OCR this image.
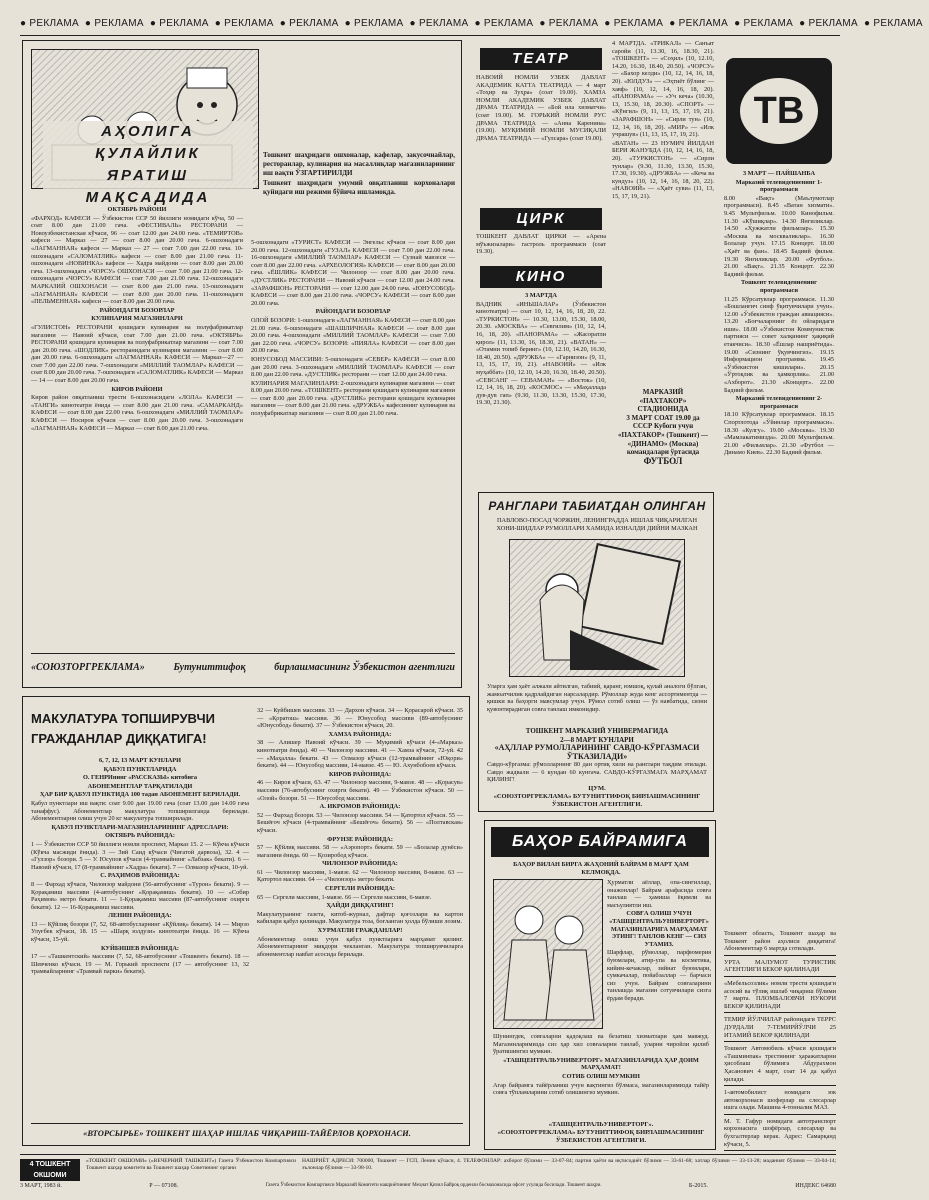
● РЕКЛАМА ● РЕКЛАМА ● РЕКЛАМА ● РЕКЛАМА ● РЕКЛАМА ● РЕКЛАМА ● РЕКЛАМА ● РЕКЛАМА ● РЕКЛАМА ● РЕКЛАМА ● РЕКЛАМА ● РЕКЛАМА ● РЕКЛАМА ● РЕКЛАМА
АҲОЛИГА
ҚУЛАЙЛИК
ЯРАТИШ
МАҚСАДИДА

Тошкент шаҳридаги ошхоналар, кафелар, закусочнайлар, ресторанлар, кулинария на масаллиқлар магазинларининг иш вақти ЎЗГАРТИРИЛДИ

Тошкент шаҳридаги умумий овқатланиш корхоналари қуйидаги иш режими бўйича ишламоқда.

ОКТЯБРЬ РАЙОНИ

«ФАРХОД» КАФЕСИ — Ўзбекистон ССР 50 йиллиги номидаги кўча, 50 — соат 8.00 дан 21.00 гача. «ФЕСТИВАЛЬ» РЕСТОРАНИ — Новоузбекистанская кўчаси, 96 — соат 12.00 дан 24.00 гача. «ТЕМИРТОВ» кафеси — Марказ — 27 — соат 8.00 дан 20.00 гача. 6-ошхонадаги «ЛАГМАННАЯ» кафеси — Марказ — 27 — соат 7.00 дан 22.00 гача. 10-ошхонадаги «САЛОМАТЛИК» кафеси — соат 8.00 дан 21.00 гача. 11-ошхонадаги «НОВИНКА» кафеси — Хадра майдони — соат 8.00 дан 20.00 гача. 13-ошхонадаги «ЧОРСУ» ОШХОНАСИ — соат 7.00 дан 21.00 гача. 12-ошхонадаги «ЧОРСУ» КАФЕСИ — соат 7.00 дан 21.00 гача. 12-ошхонадаги МАРКАЗИЙ ОШХОНАСИ — соат 8.00 дан 21.00 гача. 13-ошхонадаги «ЛАГМАННАЯ» КАФЕСИ — соат 8.00 дан 20.00 гача. 11-ошхонадаги «ПЕЛЬМЕННАЯ» кафеси — соат 8.00 дан 20.00 гача.

РАЙОНДАГИ БОЗОРЛАР

КУЛИНАРИЯ МАГАЗИНЛАРИ

«ГУЛИСТОН» РЕСТОРАНИ қошидаги кулинария на полуфабрикатлар магазини — Навоий кўчаси, соат 7.00 дан 21.00 гача. «ОКТЯБРЬ» РЕСТОРАНИ қошидаги кулинария ва полуфабрикатлар магазини — соат 7.00 дан 20.00 гача. «ШОДЛИК» ресторанидаги кулинария магазини — соат 8.00 дан 20.00 гача. 6-ошхонадаги «ЛАГМАННАЯ» КАФЕСИ — Марказ—27 — соат 7.00 дан 22.00 гача. 7-ошхонадаги «МИЛЛИЙ ТАОМЛАР» КАФЕСИ — соат 8.00 дан 20.00 гача. 7-ошхонадаги «САЛОМАТЛИК» КАФЕСИ — Марказ — 14 — соат 8.00 дан 20.00 гача.

КИРОВ РАЙОНИ

Киров район овқатланиш трести 6-ошхонасидаги «ЛОЛА» КАФЕСИ — «ТАНГИ» кинотеатри ёнида — соат 8.00 дан 21.00 гача. «САМАРКАНД» КАФЕСИ — соат 8.00 дан 22.00 гача. 6-ошхонадаги «МИЛЛИЙ ТАОМЛАР» КАФЕСИ — Носиров кўчаси — соат 8.00 дан 20.00 гача. 3-ошхонадаги «ЛАГМАННАЯ» КАФЕСИ — Марказ — соат 8.00 дан 21.00 гача.

5-ошхонадаги «ТУРИСТ» КАФЕСИ — Энгельс кўчаси — соат 8.00 дан 20.00 гача. 12-ошхонадаги «ГУЗАЛ» КАФЕСИ — соат 7.00 дан 22.00 гача. 16-ошхонадаги «МИЛЛИЙ ТАОМЛАР» КАФЕСИ — Сузнай мавзеси — соат 8.00 дан 22.00 гача. «АРХЕОЛОГИЯ» КАФЕСИ — соат 8.00 дан 20.00 гача. «ЁШЛИК» КАФЕСИ — Чилонзор — соат 8.00 дан 20.00 гача. «ДУСТЛИК» РЕСТОРАНИ — Навоий кўчаси — соат 12.00 дан 24.00 гача. «ЗАРАФШОН» РЕСТОРАНИ — соат 12.00 дан 24.00 гача. «ЮНУСОБОД» КАФЕСИ — соат 8.00 дан 21.00 гача. «ЧОРСУ» КАФЕСИ — соат 8.00 дан 20.00 гача.

РАЙОНДАГИ БОЗОРЛАР

ОЛОЙ БОЗОРИ: 1-ошхонадаги «ЛАГМАННАЯ» КАФЕСИ — соат 8.00 дан 21.00 гача. 6-ошхонадаги «ШАШЛИЧНАЯ» КАФЕСИ — соат 8.00 дан 20.00 гача. 4-ошхонадаги «МИЛЛИЙ ТАОМЛАР» КАФЕСИ — соат 7.00 дан 22.00 гача. «ЧОРСУ» БОЗОРИ: «ПИЯЛА» КАФЕСИ — соат 8.00 дан 20.00 гача.

ЮНУСОБОД МАССИВИ: 5-ошхонадаги «СЕВЕР» КАФЕСИ — соат 8.00 дан 20.00 гача. 3-ошхонадаги «МИЛЛИЙ ТАОМЛАР» КАФЕСИ — соат 8.00 дан 22.00 гача. «ДУСТЛИК» ресторани — соат 12.00 дан 24.00 гача.

КУЛИНАРИЯ МАГАЗИНЛАРИ: 2-ошхонадаги кулинария магазини — соат 8.00 дан 20.00 гача. «ТОШКЕНТ» ресторани қошидаги кулинария магазини — соат 8.00 дан 20.00 гача. «ДУСТЛИК» ресторани қошидаги кулинария магазини — соат 8.00 дан 21.00 гача. «ДРУЖБА» кафесининг кулинария ва полуфабрикатлар магазини — соат 8.00 дан 21.00 гача.

«СОЮЗТОРГРЕКЛАМА»	Бутуниттифоқ	бирлашмасининг Ўзбекистон агентлиги
ТЕАТР
НАВОИЙ НОМЛИ УЗБЕК ДАВЛАТ АКАДЕМИК КАТТА ТЕАТРИДА — 4 март «Тоҳир ва Зуҳра» (соат 19.00). ХАМЗА НОМЛИ АКАДЕМИК УЗБЕК ДАВЛАТ ДРАМА ТЕАТРИДА — «Бой ила хизматчи» (соат 19.00). М. ГОРЬКИЙ НОМЛИ РУС ДРАМА ТЕАТРИДА — «Анна Каренина» (19.00). МУҚИМИЙ НОМЛИ МУСИҚАЛИ ДРАМА ТЕАТРИДА — «Гулсара» (соат 19.00).
ЦИРК
ТОШКЕНТ ДАВЛАТ ЦИРКИ — «Арена мўъжизалари» гастроль программаси (соат 19.30).
КИНО

3 МАРТДА

ВАДНИК «ИНЬШАЛАР» (Ўзбекистон кинотеатри) — соат 10, 12, 14, 16, 18, 20, 22. «ТУРКИСТОН» — 10.30, 13.00, 15.30, 18.00, 20.30. «МОСКВА» — «Севгилим» (10, 12, 14, 16, 18, 20). «ПАНОРАМА» — «Жасоратли қирол» (11, 13.30, 16, 18.30, 21). «ВАТАН» — «Отамни топиб беринг» (10, 12.10, 14.20, 16.30, 18.40, 20.50). «ДРУЖБА» — «Гарнизон» (9, 11, 13, 15, 17, 19, 21). «НАВОИЙ» — «Илк муҳаббат» (10, 12.10, 14.20, 16.30, 18.40, 20.50). «СЕВСАНГ — СЕВАМАН» — «Восток» (10, 12, 14, 16, 18, 20). «КОСМОС» — «Маҳаллада дув-дув гап» (9.30, 11.30, 13.30, 15.30, 17.30, 19.30, 21.30).

4 МАРТДА. «ТРИКАЛ» — Санъат саройи (11, 13.30, 16, 18.30, 21). «ТОШКЕНТ» — «Соҳил» (10, 12.10, 14.20, 16.30, 18.40, 20.50). «ЧОРСУ» — «Бахор келди» (10, 12, 14, 16, 18, 20). «ЮЛДУЗ» — «Эҳтиёт бўлинг — хавф» (10, 12, 14, 16, 18, 20). «ПАНОРАМА» — «Уч кеча» (10.30, 13, 15.30, 18, 20.30). «СПОРТ» — «Кўнгил» (9, 11, 13, 15, 17, 19, 21). «ЗАРАФШОН» — «Сирли тун» (10, 12, 14, 16, 18, 20). «МИР» — «Илк учрашув» (11, 13, 15, 17, 19, 21).

«ВАТАН» — 23 НУМИЧ ЙИЛДАН БЕРИ ЖАНУБДА (10, 12, 14, 16, 18, 20). «ТУРКИСТОН» — «Сирли тунлар» (9.30, 11.30, 13.30, 15.30, 17.30, 19.30). «ДРУЖБА» — «Кеча ва кундуз» (10, 12, 14, 16, 18, 20, 22). «НАВОИЙ» — «Ҳаёт суви» (11, 13, 15, 17, 19, 21).

МАРКАЗИЙ
«ПАХТАКОР»
СТАДИОНИДА
3 МАРТ СОАТ 19.00 да
СССР Кубоги учун
«ПАХТАКОР» (Тошкент) —
«ДИНАМО» (Москва)
командалари ўртасида
ФУТБОЛ
ТВ

3 МАРТ — ПАЙШАНБА

Марказий телевидениенинг 1-программаси

8.00 «Вақт» (Маълумотлар программаси). 8.45 «Ватан хизмати». 9.45 Мультфильм. 10.00 Кинофильм. 11.30 «Кўшиқлар». 14.30 Янгиликлар. 14.50 «Ҳужжатли фильмлар». 15.30 «Москва ва москваликлар». 16.30 Болалар учун. 17.15 Концерт. 18.00 «Ҳаёт ва фан». 18.45 Бадиий фильм. 19.30 Янгиликлар. 20.00 «Футбол». 21.00 «Вақт». 21.35 Концерт. 22.30 Бадиий фильм.

Тошкент телевидениенинг программаси

11.25 Кўрсатувлар программаси. 11.30 «Бошланғич синф ўқитувчилари учун». 12.00 «Ўзбекистон граждан авиацияси». 13.20 «Боғчаларнинг ёз ойларидаги иши». 18.00 «Ўзбекистон Коммунистик партияси — совет халқининг ҳақиқий етакчиси». 18.30 «Ёшлар нашриётида». 19.00 «Сизнинг ўқувчингиз». 19.15 Информацион программа. 19.45 «Ўзбекистон кишилари». 20.15 «Ўртоқлик ва ҳамкорлик». 21.00 «Ахборот». 21.30 «Концерт». 22.00 Бадиий фильм.

Марказий телевидениенинг 2-программаси

18.10 Кўрсатувлар программаси. 18.15 Спортлотода «Ўйинлар программаси». 18.30 «Кулгу». 19.00 «Москва». 19.30 «Мамлакатимизда». 20.00 Мультфильм. 21.00 «Фильмлар». 21.30 «Футбол — Динамо Киев». 22.30 Бадиий фильм.

РАНГЛАРИ ТАБИАТДАН ОЛИНГАН
ПАВЛОВО-ПОСАД ЧОРЖИН, ЛЕНИНГРАДДА ИШЛАБ ЧИҚАРИЛГАН ХОНИ-ШИДЛАР РУМОЛЛАРИ ХАМИДА ИЗНАЛДИ ДИЙНИ МАЗКАН
Уларга ҳам ҳаёт алжали айтилган, табиий, қаранг, юмшоқ, қулай аналоги бўлган, жамоатчилик қадрлайдиган нарсалардир. Рўмоллар жуда кенг ассортиментда — қишки ва баҳорги мавсумлар учун. Рўмол сотиб олиш — ўз навбатида, сизни қувонтирадиган совға танлаш имконидир.
ТОШКЕНТ МАРКАЗИЙ УНИВЕРМАГИДА
2—8 МАРТ КУНЛАРИ
«АҲЛЛАР РУМОЛЛАРИНИНГ САВДО-КЎРГАЗМАСИ ЎТКАЗИЛАДИ»
Савдо-кўргазма: рўмолларнинг 80 дан ортиқ хили на ранглари тақдим этилади. Савдо жадвали — 6 кундан 60 кунгача. САВДО-КЎРГАЗМАГА МАРҲАМАТ ҚИЛИНГ!
ЦУМ.
«СОЮЗТОРГРЕКЛАМА» БУТУНИТТИФОҚ БИРЛАШМАСИНИНГ ЎЗБЕКИСТОН АГЕНТЛИГИ.
МАКУЛАТУРА ТОПШИРУВЧИ
ГРАЖДАНЛАР ДИҚҚАТИГА!

6, 7, 12, 13 МАРТ КУНЛАРИ

ҚАБУЛ ПУНКТЛАРИДА

О. ГЕНРИнинг «РАССКАЗЫ» китобига

АБОНЕМЕНТЛАР ТАРҚАТИЛАДИ

ҲАР БИР ҚАБУЛ ПУНКТИДА 100 тадан АБОНЕМЕНТ БЕРИЛАДИ.

Қабул пунктлари иш вақти: соат 9.00 дан 19.00 гача (соат 13.00 дан 14.00 гача танаффус). Абонементлар макулатура топширилганда берилади. Абонементларни олиш учун 20 кг макулатура топширилади.

ҚАБУЛ ПУНКТЛАРИ-МАГАЗИНЛАРИНИНГ АДРЕСЛАРИ:

ОКТЯБРЬ РАЙОНИДА:

1 — Ўзбекистон ССР 50 йиллиги номли проспект, Марказ 15. 2 — Кўкча кўчаси (Кўкча масжиди ёнида). 3 — Зий Саид кўчаси (Чиғатой дарвоза), 32. 4 — «Гулзор» бозори. 5 — У. Юсупов кўчаси (4-трамвайнинг «Лабзак» бекати). 6 — Навоий кўчаси, 17 (8-трамвайнинг «Хадра» бекати). 7 — Олмазор кўчаси, 10-уй.

С. РАҲИМОВ РАЙОНИДА:

8 — Фархад кўчаси, Чилонзор майдони (56-автобуснинг «Турон» бекати). 9 — Қорақамиш массиви (4-автобуснинг «Қорақамиш» бекати). 10 — «Собир Раҳимов» метро бекати. 11 — 1-Қорақамиш массиви (87-автобуснинг охирги бекати). 12 — 16-Қорақамиш массиви.

ЛЕНИН РАЙОНИДА:

13 — Қўйлиқ бозори (7, 52, 68-автобусларнинг «Қўйлиқ» бекати). 14 — Мирзо Улуғбек кўчаси, 18. 15 — «Шарқ юлдузи» кинотеатри ёнида. 16 — Кўкча кўчаси, 15-уй.

КУЙБИШЕВ РАЙОНИДА:

17 — «Ташкентский» массиви (7, 52, 68-автобуснинг «Тошкент» бекати). 18 — Шевченко кўчаси. 19 — М. Горький проспекти (17 — автобуснинг 13, 32 трамвайларнинг «Трамвай парки» бекати).

32 — Куйбишев массиви. 33 — Дархон кўчаси. 34 — Қорасарой кўчаси. 35 — «Қоратош» массиви. 36 — Юнусобод массиви (89-автобуснинг «Юнусобод» бекати). 37 — Ўзбекистон кўчаси, 20.

ХАМЗА РАЙОНИДА:

38 — Алишер Навоий кўчаси. 39 — Муқимий кўчаси (4-«Марказ» кинотеатри ёнида). 40 — Чилонзор массиви. 41 — Хамза кўчаси, 72-уй. 42 — «Маҳалла» бекати. 43 — Олмазор кўчаси (12-трамвайнинг «Юқори» бекати). 44 — Юнусобод массиви, 14-мавзе. 45 — Ю. Ахунбобоев кўчаси.

КИРОВ РАЙОНИДА:

46 — Киров кўчаси, 63. 47 — Чилонзор массиви, 9-мавзе. 48 — «Қорасув» массиви (76-автобуснинг охирги бекати). 49 — Ўзбекистон кўчаси. 50 — «Олой» бозори. 51 — Юнусобод массиви.

А. ИКРОМОВ РАЙОНИДА:

52 — Фархад бозори. 53 — Чилонзор массиви. 54 — Қатортол кўчаси. 55 — Бешёғоч кўчаси (4-трамвайнинг «Бешёғоч» бекати). 56 — «Полтавская» кўчаси.

ФРУНЗЕ РАЙОНИДА:

57 — Қўйлиқ массиви. 58 — «Аэропорт» бекати. 59 — «Болалар дунёси» магазини ёнида. 60 — Қозиробод кўчаси.

ЧИЛОНЗОР РАЙОНИДА:

61 — Чилонзор массиви, 1-мавзе. 62 — Чилонзор массиви, 8-мавзе. 63 — Қатортол массиви. 64 — «Чилонзор» метро бекати.

СЕРГЕЛИ РАЙОНИДА:

65 — Сергели массиви, 1-мавзе. 66 — Сергели массиви, 6-мавзе.

ҲАЙДИ ДИҚҚАТИНГ!

Макулатуранинг газета, китоб-журнал, дафтар қоғозлари ва картон кабилари қабул қилинади. Макулатура тоза, боғланган ҳолда бўлиши лозим.

ХУРМАТЛИ ГРАЖДАНЛАР!

Абонементлар олиш учун қабул пунктларига марҳамат қилинг. Абонементларнинг миқдори чекланган. Макулатура топширувчиларга абонементлар навбат асосида берилади.

«ВТОРСЫРЬЕ» ТОШКЕНТ ШАҲАР ИШЛАБ ЧИҚАРИШ-ТАЙЁРЛОВ ҚОРХОНАСИ.
БАҲОР БАЙРАМИГА
БАҲОР ВИЛАН БИРГА ЖАҲОНИЙ БАЙРАМ 8 МАРТ ҲАМ КЕЛМОҚДА.

Ҳурматли аёллар, опа-сингиллар, онажонлар! Байрам арафасида совға танлаш — ҳамиша ёқимли ва масъулиятли иш.

СОВҒА ОЛИШ УЧУН «ТАШЦЕНТРАЛЬУНИВЕРТОРГ» МАГАЗИНЛАРИГА МАРҲАМАТ ЭТИНГ! ТАНЛОВ КЕНГ — СИЗ УТАМИЗ.

Шарфлар, рўмоллар, парфюмерия буюмлари, атир-упа ва косметика, кийим-кечаклар, зийнат буюмлари, сумкачалар, пойабзаллар — барчаси сиз учун. Байрам совғаларини танлашда магазин сотувчилари сизга ёрдам беради.

Шунингдек, совғаларни қадоқлаш ва безатиш хизматлари ҳам мавжуд. Магазинларимизда сиз ҳар хил совғаларни танлаб, уларни чиройли қилиб ўратишингиз мумкин.

«ТАШЦЕНТРАЛЬУНИВЕРТОРГ» МАГАЗИНЛАРИДА ҲАР ДОИМ МАРҲАМАТ!

СОТИБ ОЛИШ МУМКИН

Агар байрамга тайёрланиш учун вақтингиз бўлмаса, магазинларимизда тайёр совға тўпламларини сотиб олишингиз мумкин.

«ТАШЦЕНТРАЛЬУНИВЕРТОРГ».
«СОЮЗТОРГРЕКЛАМА» БУТУНИТТИФОҚ БИРЛАШМАСИНИНГ ЎЗБЕКИСТОН АГЕНТЛИГИ.

Тошкент область, Тошкент шаҳар ва Тошкент район аҳолиси диққатига! Абонементлар 6 мартда сотилади.

УРТА МАЛУМОТ ТУРИСТИК АГЕНТЛИГИ БЕКОР ҚИЛИНАДИ

«Мебельсозлик» номли трести қошидаги асосий ва тўлиқ ишлаб чиқариш бўлими 7 марта. ПЛОМБАЛОВЧИ НУКОРИ БЕКОР ҚИЛИНАДИ

ТЕМИР ЙЎЛЧИЛАР районидаги ТЕРРС ДУРДАЛИ 7-ТЕМИРЙЎЛЧИ 25 ИТАМИЙ БЕКОР ҚИЛИНАДИ

Тошкент Автомобиль кўчаси қошидаги «Ташминпак» трестининг ҳаражатларни ҳисоблаш бўлимига Абдурахмон Ҳасанович 4 март, соат 14 да қабул қилади.

1-автомобилист номидаги юк автокорхонаси шоферлар ва слесарлар ишга олади. Машина 4-тонналик МАЗ.

М. Т. Гафур номидаги автотранспорт корхонасига шофёрлар, слесарлар ва бухгалтерлар керак. Адрес: Самарқанд кўчаси, 5.

4 ТОШКЕНТ
ОКШОМИ
«ТОШКЕНТ ОКШОМИ» («ВЕЧЕРНИЙ ТАШКЕНТ») Газета Ўзбекистон Компартияси Тошкент шаҳар комитети ва Тошкент шаҳар Советининг органи
НАШРИЁТ АДРЕСИ: 700000, Тошкент — ГСП, Ленин кўчаси, 4. ТЕЛЕФОНЛАР: ахборот бўлими — 33-07-84; партия ҳаёти ва иқтисодиёт бўлими — 33-61-68; хатлар бўлими — 33-13-28; маданият бўлими — 33-04-14; эълонлар бўлими — 33-98-10.
3 МАРТ, 1983 й.	Р — 07108.	Газета Ўзбекистон Компартияси Марказий Комитети нашриётининг Меҳнат Қизил Байроқ орденли босмахонасида офсет усулида босилади. Тошкент шаҳри.	Б-2015.	ИНДЕКС 64680
